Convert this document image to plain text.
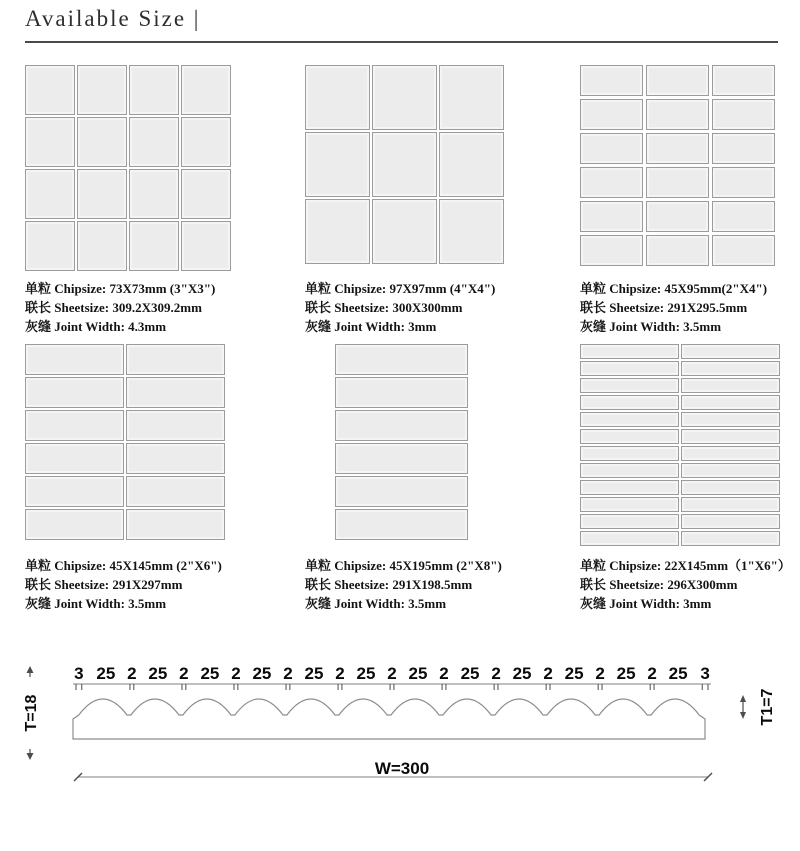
Available Size |

单粒 Chipsize: 73X73mm (3"X3")

联长 Sheetsize: 309.2X309.2mm

灰缝 Joint Width: 4.3mm

单粒 Chipsize: 97X97mm (4"X4")

联长 Sheetsize: 300X300mm

灰缝 Joint Width: 3mm

单粒 Chipsize: 45X95mm(2"X4")

联长 Sheetsize: 291X295.5mm

灰缝 Joint Width: 3.5mm

单粒 Chipsize: 45X145mm (2"X6")

联长 Sheetsize: 291X297mm

灰缝 Joint Width: 3.5mm

单粒 Chipsize: 45X195mm (2"X8")

联长 Sheetsize: 291X198.5mm

灰缝 Joint Width: 3.5mm

单粒 Chipsize: 22X145mm（1"X6"）

联长 Sheetsize: 296X300mm

灰缝 Joint Width: 3mm

3 25 2 25 2 25 2 25 2 25 2 25 2 25 2 25 2 25 2 25 2 25 2 25 3
T=18	T1=7
W=300
